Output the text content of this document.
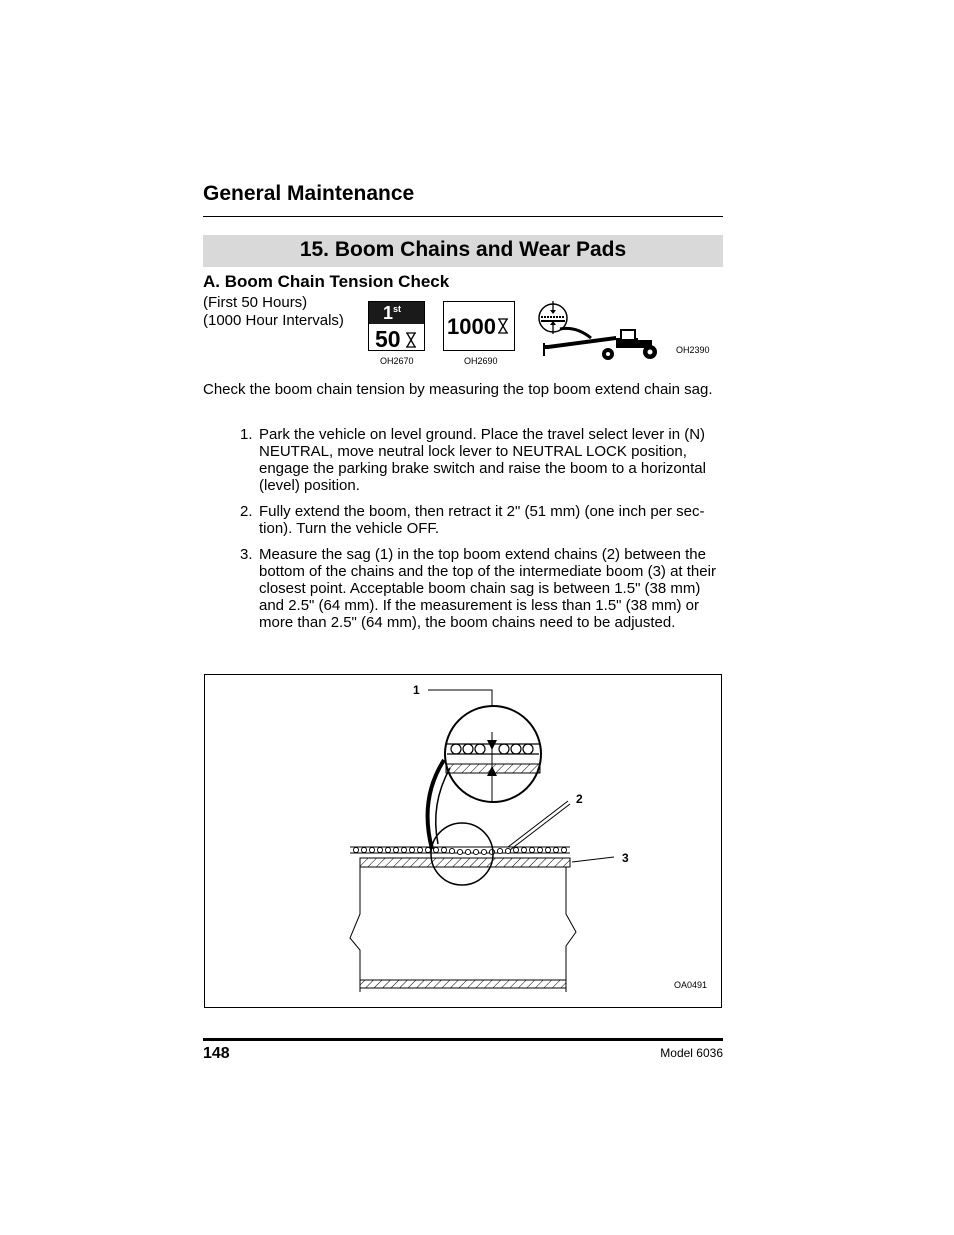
General Maintenance
15. Boom Chains and Wear Pads
A. Boom Chain Tension Check
(First 50 Hours)
(1000 Hour Intervals) 1st
50
OH2670
1000
OH2690
OH2390
Check the boom chain tension by measuring the top boom extend chain sag.
1. Park the vehicle on level ground. Place the travel select lever in (N) NEUTRAL, move neutral lock lever to NEUTRAL LOCK position, engage the parking brake switch and raise the boom to a horizontal (level) position.
2. Fully extend the boom, then retract it 2" (51 mm) (one inch per sec-tion). Turn the vehicle OFF.
3. Measure the sag (1) in the top boom extend chains (2) between the bottom of the chains and the top of the intermediate boom (3) at their closest point. Acceptable boom chain sag is between 1.5" (38 mm) and 2.5" (64 mm). If the measurement is less than 1.5" (38 mm) or more than 2.5" (64 mm), the boom chains need to be adjusted.
1
2
3
OA0491
148	Model 6036
